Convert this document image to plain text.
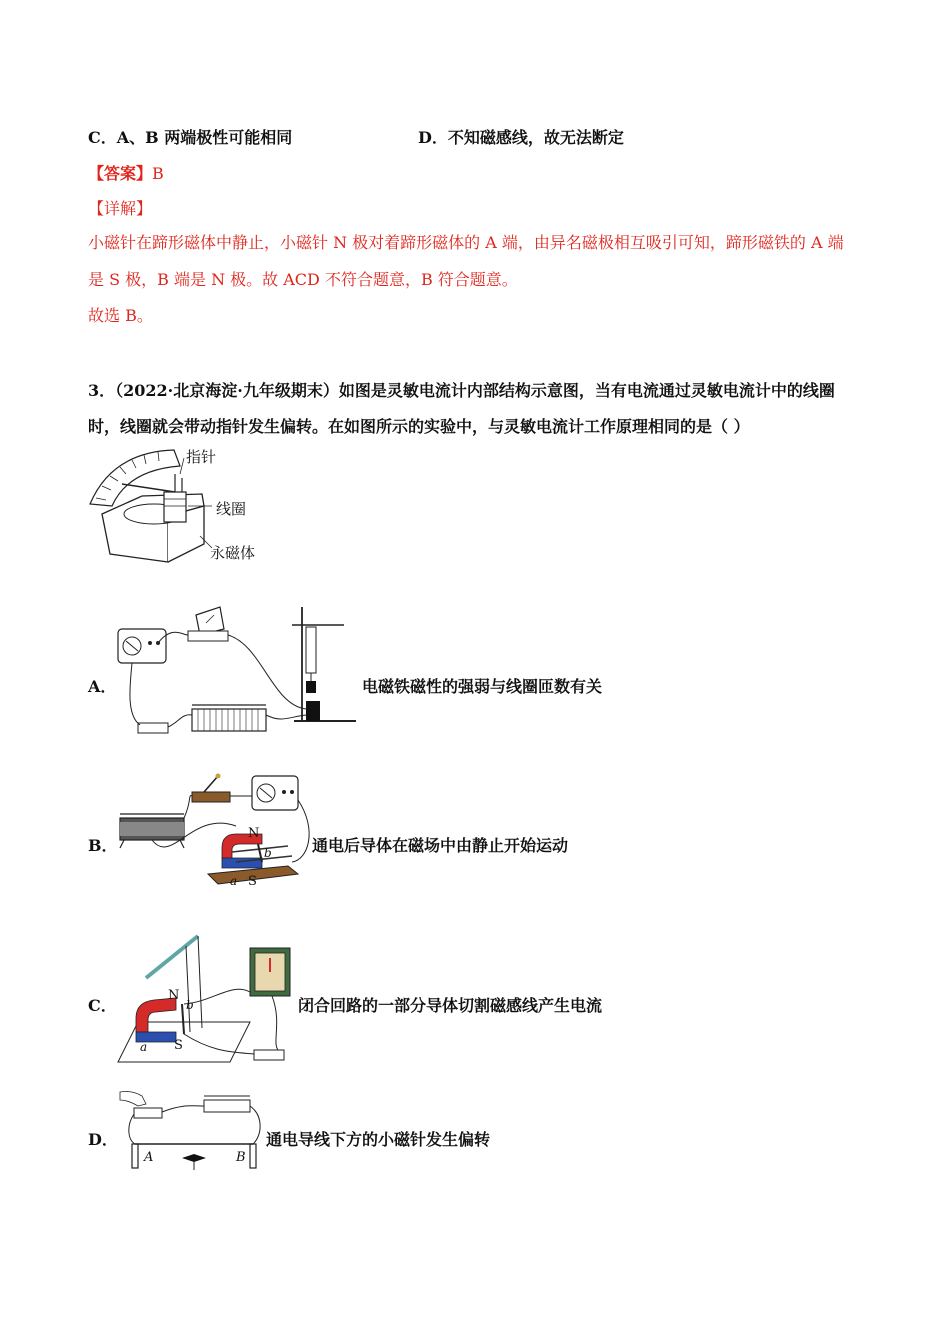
C．A、B 两端极性可能相同	D．不知磁感线，故无法断定
【答案】B
【详解】
小磁针在蹄形磁体中静止，小磁针 N 极对着蹄形磁体的 A 端，由异名磁极相互吸引可知，蹄形磁铁的 A 端
是 S 极，B 端是 N 极。故 ACD 不符合题意，B 符合题意。
故选 B。
3．（2022·北京海淀·九年级期末）如图是灵敏电流计内部结构示意图，当有电流通过灵敏电流计中的线圈
时，线圈就会带动指针发生偏转。在如图所示的实验中，与灵敏电流计工作原理相同的是（ ）
指针
线圈
永磁体
A．	电磁铁磁性的强弱与线圈匝数有关
B．
N
S
a
b	通电后导体在磁场中由静止开始运动
C．
N
S
a
b	闭合回路的一部分导体切割磁感线产生电流
D．
A	B
通电导线下方的小磁针发生偏转
